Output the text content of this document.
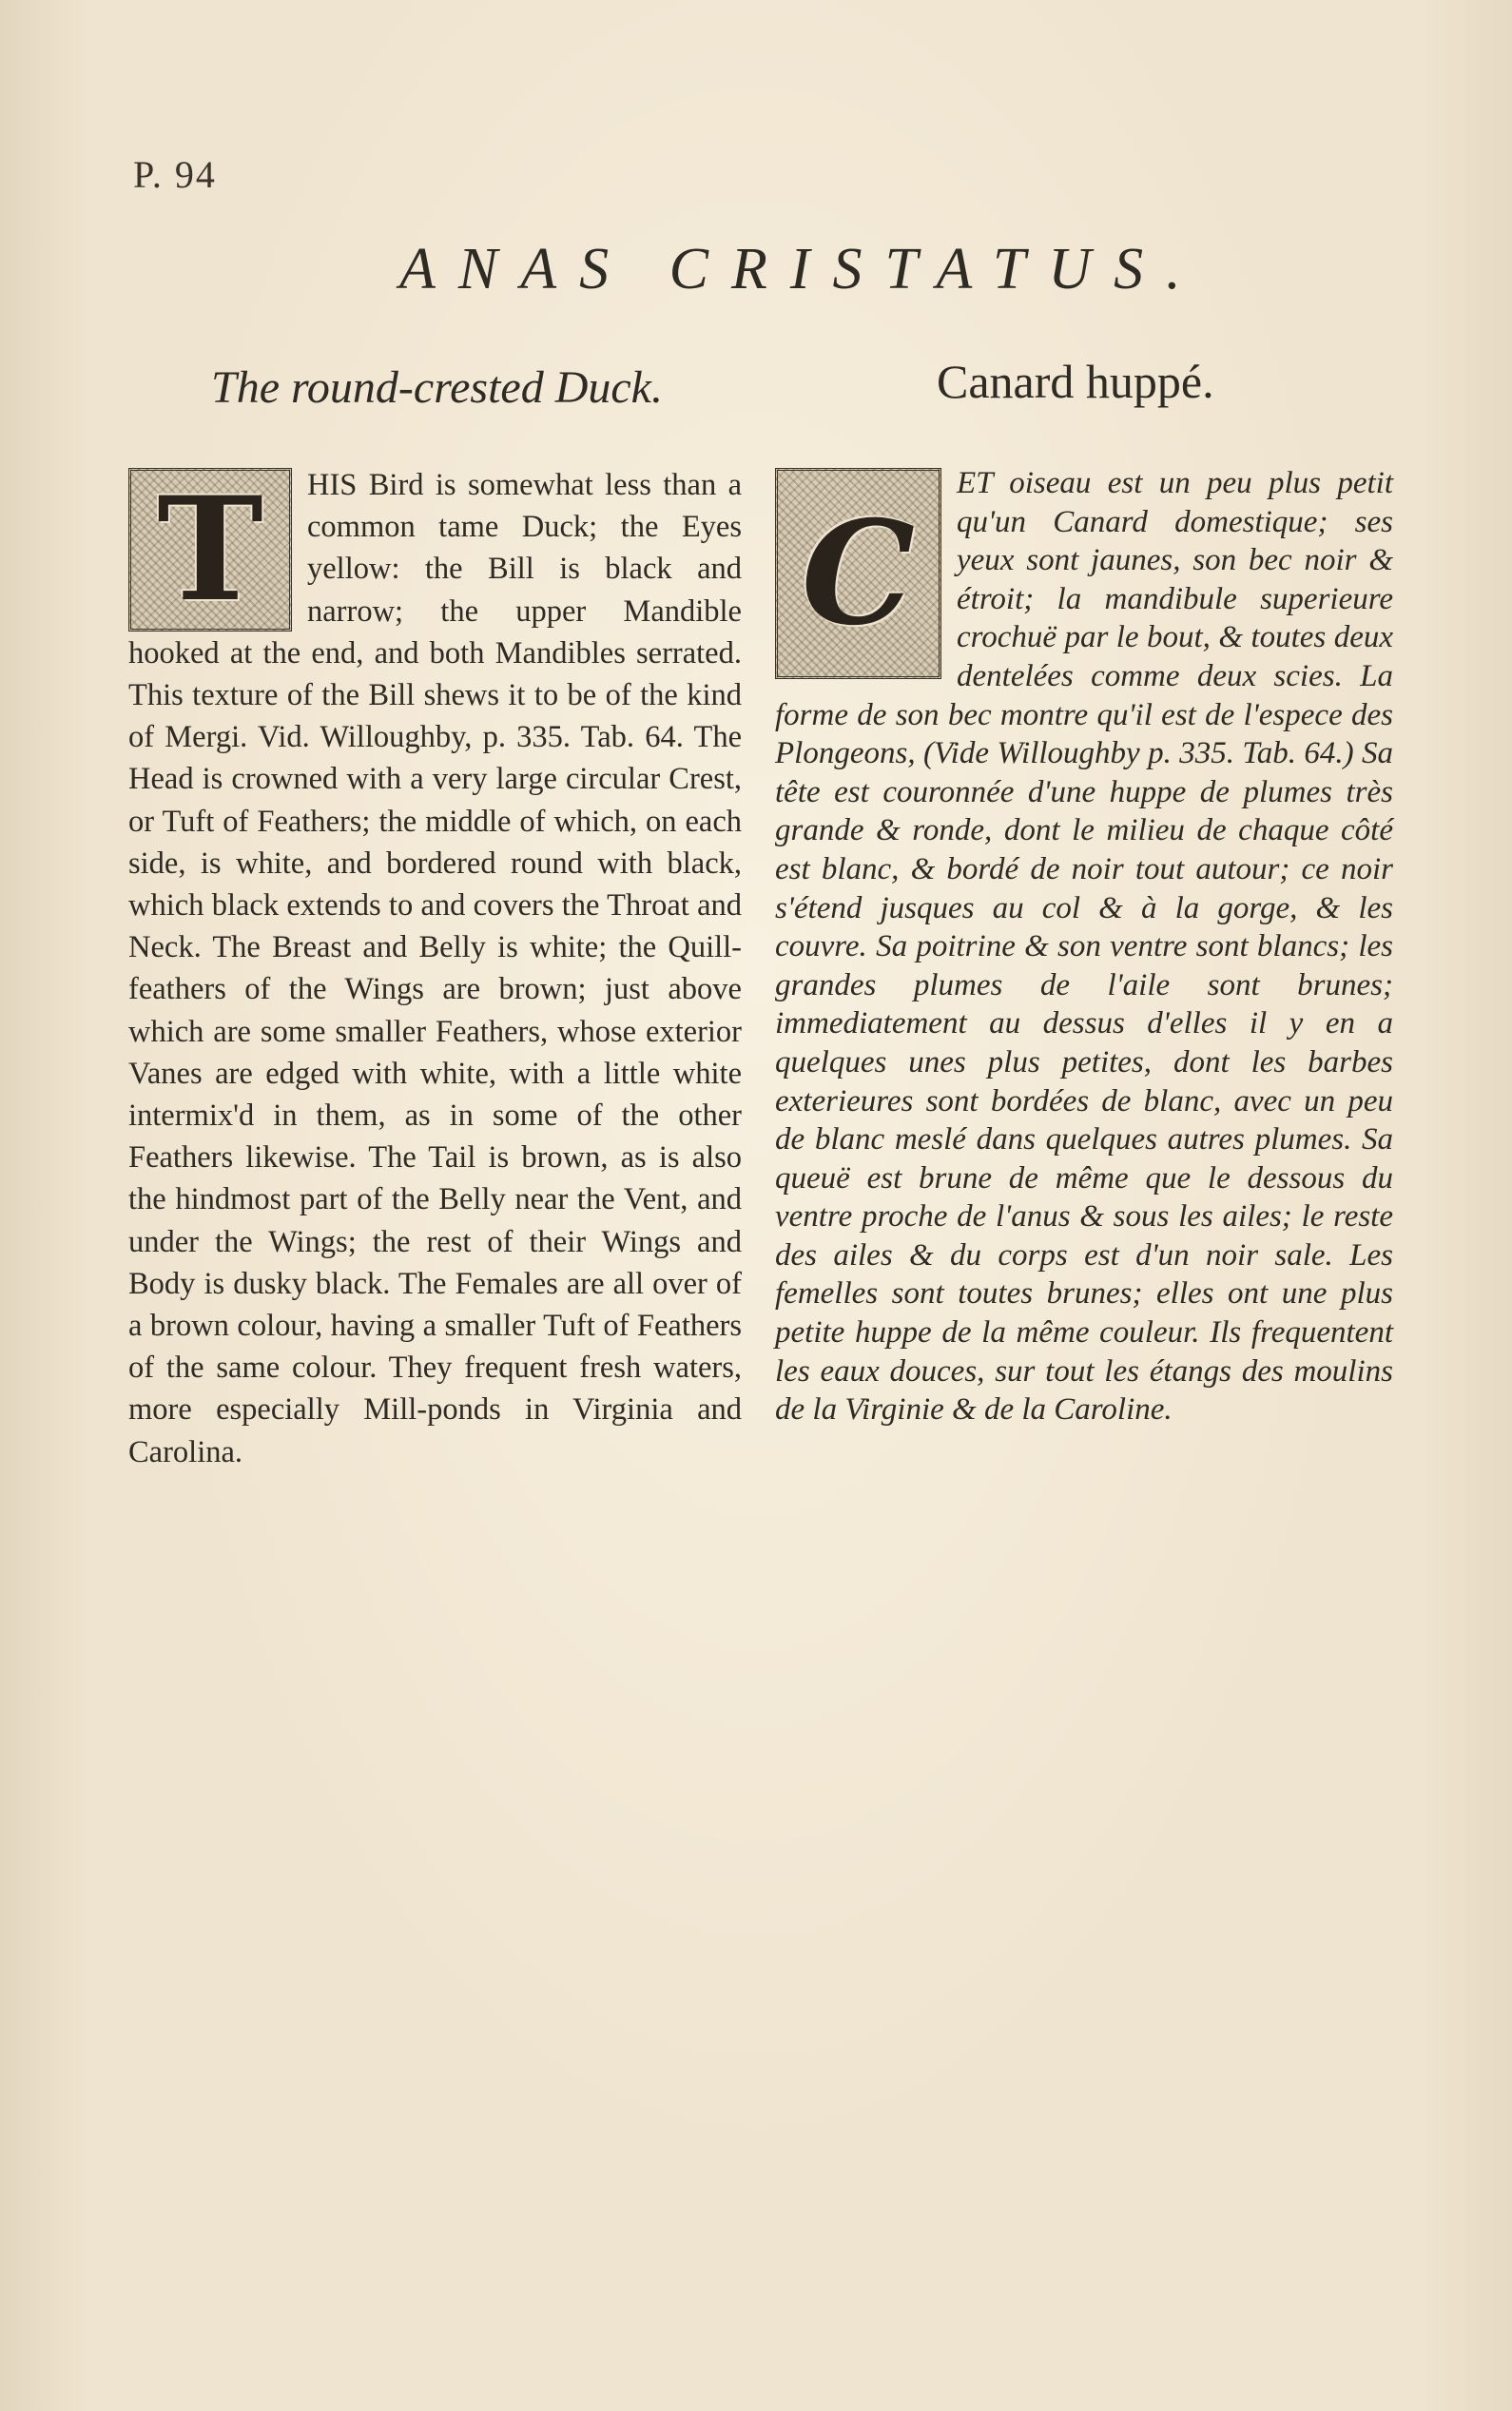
P. 94
ANAS CRISTATUS.
The round-crested Duck.	Canard huppé.
T HIS Bird is somewhat less than a common tame Duck; the Eyes yellow: the Bill is black and narrow; the upper Mandible hooked at the end, and both Mandibles serrated. This texture of the Bill shews it to be of the kind of Mergi. Vid. Willoughby, p. 335. Tab. 64. The Head is crowned with a very large circular Crest, or Tuft of Feathers; the middle of which, on each side, is white, and bordered round with black, which black extends to and covers the Throat and Neck. The Breast and Belly is white; the Quill-feathers of the Wings are brown; just above which are some smaller Feathers, whose exterior Vanes are edged with white, with a little white intermix'd in them, as in some of the other Feathers likewise. The Tail is brown, as is also the hindmost part of the Belly near the Vent, and under the Wings; the rest of their Wings and Body is dusky black. The Females are all over of a brown colour, having a smaller Tuft of Feathers of the same colour. They frequent fresh waters, more especially Mill-ponds in Virginia and Carolina.
C
ET oiseau est un peu plus petit qu'un Canard domestique; ses yeux sont jaunes, son bec noir & étroit; la mandibule superieure crochuë par le bout, & toutes deux dentelées comme deux scies. La forme de son bec montre qu'il est de l'espece des Plongeons, (Vide Willoughby p. 335. Tab. 64.) Sa tête est couronnée d'une huppe de plumes très grande & ronde, dont le milieu de chaque côté est blanc, & bordé de noir tout autour; ce noir s'étend jusques au col & à la gorge, & les couvre. Sa poitrine & son ventre sont blancs; les grandes plumes de l'aile sont brunes; immediatement au dessus d'elles il y en a quelques unes plus petites, dont les barbes exterieures sont bordées de blanc, avec un peu de blanc meslé dans quelques autres plumes. Sa queuë est brune de même que le dessous du ventre proche de l'anus & sous les ailes; le reste des ailes & du corps est d'un noir sale. Les femelles sont toutes brunes; elles ont une plus petite huppe de la même couleur. Ils frequentent les eaux douces, sur tout les étangs des moulins de la Virginie & de la Caroline.
